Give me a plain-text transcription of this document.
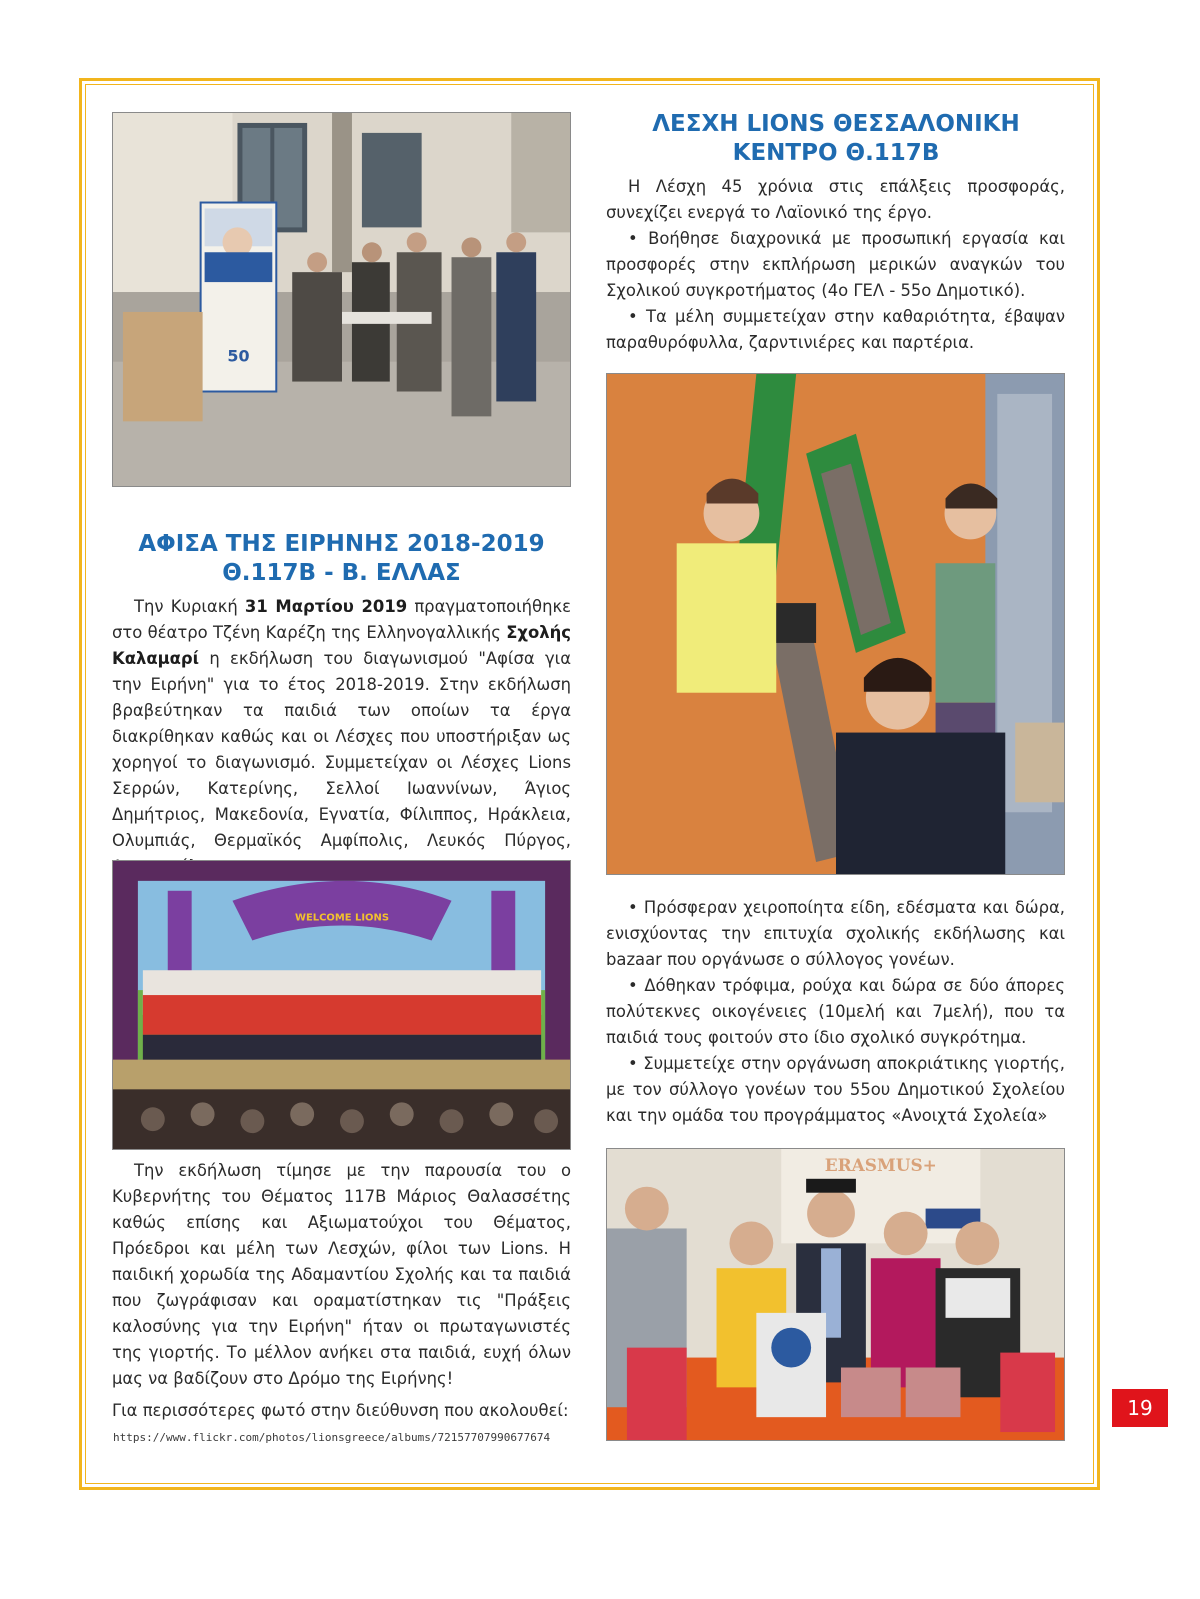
50
ΛΕΣΧΗ LIONS ΘΕΣΣΑΛΟΝΙΚΗ
ΚΕΝΤΡΟ Θ.117Β

Η Λέσχη 45 χρόνια στις επάλξεις προσφοράς, συνεχίζει ενεργά το Λαϊονικό της έργο.

• Βοήθησε διαχρονικά με προσωπική εργασία και προσφορές στην εκπλήρωση μερικών αναγκών του Σχολικού συγκροτήματος (4ο ΓΕΛ - 55ο Δημοτικό).

• Τα μέλη συμμετείχαν στην καθαριότητα, έβαψαν παραθυρόφυλλα, ζαρντινιέρες και παρτέρια.

• Πρόσφεραν χειροποίητα είδη, εδέσματα και δώρα, ενισχύοντας την επιτυχία σχολικής εκδήλωσης και bazaar που οργάνωσε ο σύλλογος γονέων.

• Δόθηκαν τρόφιμα, ρούχα και δώρα σε δύο άπορες πολύτεκνες οικογένειες (10μελή και 7μελή), που τα παιδιά τους φοιτούν στο ίδιο σχολικό συγκρότημα.

• Συμμετείχε στην οργάνωση αποκριάτικης γιορτής, με τον σύλλογο γονέων του 55ου Δημοτικού Σχολείου και την ομάδα του προγράμματος «Ανοιχτά Σχολεία»

ERASMUS+
ΑΦΙΣΑ ΤΗΣ ΕΙΡΗΝΗΣ 2018-2019
Θ.117Β - Β. ΕΛΛΑΣ

Την Κυριακή 31 Μαρτίου 2019 πραγματοποιήθηκε στο θέατρο Τζένη Καρέζη της Ελληνογαλλικής Σχολής Καλαμαρί η εκδήλωση του διαγωνισμού "Αφίσα για την Ειρήνη" για το έτος 2018-2019. Στην εκδήλωση βραβεύτηκαν τα παιδιά των οποίων τα έργα διακρίθηκαν καθώς και οι Λέσχες που υποστήριξαν ως χορηγοί το διαγωνισμό. Συμμετείχαν οι Λέσχες Lions Σερρών, Κατερίνης, Σελλοί Ιωαννίνων, Άγιος Δημήτριος, Μακεδονία, Εγνατία, Φίλιππος, Ηράκλεια, Ολυμπιάς, Θερμαϊκός Αμφίπολις, Λευκός Πύργος,

WELCOME LIONS

Την εκδήλωση τίμησε με την παρουσία του ο Κυβερνήτης του Θέματος 117Β Μάριος Θαλασσέτης καθώς επίσης και Αξιωματούχοι του Θέματος, Πρόεδροι και μέλη των Λεσχών, φίλοι των Lions. Η παιδική χορωδία της Αδαμαντίου Σχολής και τα παιδιά που ζωγράφισαν και οραματίστηκαν τις "Πράξεις καλοσύνης για την Ειρήνη" ήταν οι πρωταγωνιστές της γιορτής. Το μέλλον ανήκει στα παιδιά, ευχή όλων μας να βαδίζουν στο Δρόμο της Ειρήνης!

Για περισσότερες φωτό στην διεύθυνση που ακολουθεί:

https://www.flickr.com/photos/lionsgreece/albums/72157707990677674
19
